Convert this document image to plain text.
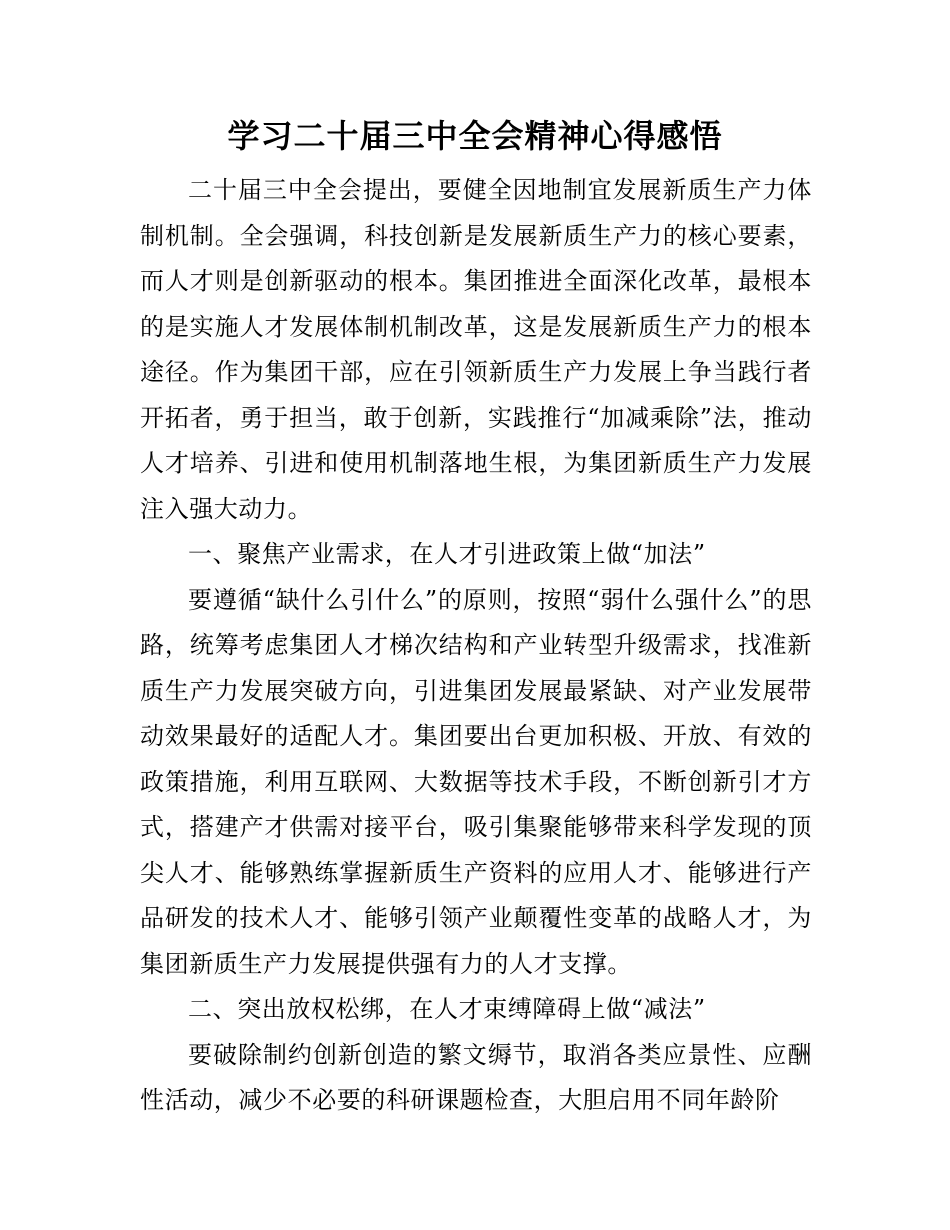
学习二十届三中全会精神心得感悟

二十届三中全会提出，要健全因地制宜发展新质生产力体制机制。全会强调，科技创新是发展新质生产力的核心要素，而人才则是创新驱动的根本。集团推进全面深化改革，最根本的是实施人才发展体制机制改革，这是发展新质生产力的根本途径。作为集团干部，应在引领新质生产力发展上争当践行者开拓者，勇于担当，敢于创新，实践推行“加减乘除”法，推动人才培养、引进和使用机制落地生根，为集团新质生产力发展注入强大动力。

一、聚焦产业需求，在人才引进政策上做“加法”

要遵循“缺什么引什么”的原则，按照“弱什么强什么”的思路，统筹考虑集团人才梯次结构和产业转型升级需求，找准新质生产力发展突破方向，引进集团发展最紧缺、对产业发展带动效果最好的适配人才。集团要出台更加积极、开放、有效的政策措施，利用互联网、大数据等技术手段，不断创新引才方式，搭建产才供需对接平台，吸引集聚能够带来科学发现的顶尖人才、能够熟练掌握新质生产资料的应用人才、能够进行产品研发的技术人才、能够引领产业颠覆性变革的战略人才，为集团新质生产力发展提供强有力的人才支撑。

二、突出放权松绑，在人才束缚障碍上做“减法”

要破除制约创新创造的繁文缛节，取消各类应景性、应酬性活动，减少不必要的科研课题检查，大胆启用不同年龄阶
